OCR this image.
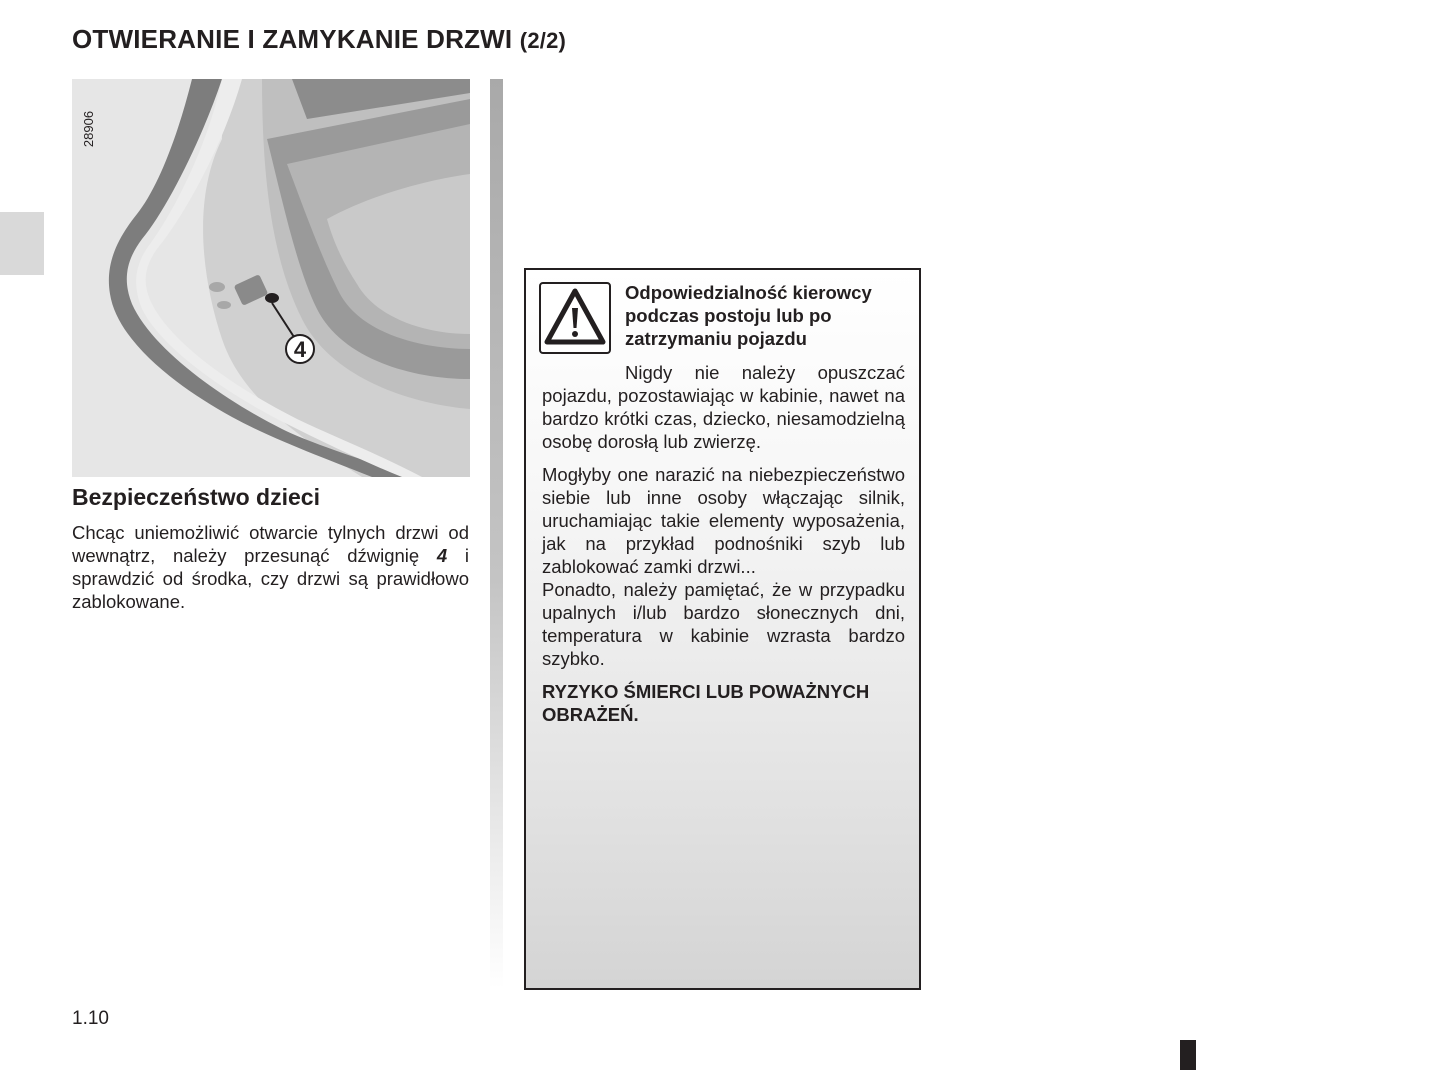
OTWIERANIE I ZAMYKANIE DRZWI (2/2)
4
28906
Bezpieczeństwo dzieci

Chcąc uniemożliwić otwarcie tylnych drzwi od wewnątrz, należy przesunąć dźwignię 4 i sprawdzić od środka, czy drzwi są prawidłowo zablokowane.

Odpowiedzialność kierowcy podczas postoju lub po zatrzymaniu pojazdu

Nigdy nie należy opuszczać pojazdu, pozostawiając w kabinie, nawet na bardzo krótki czas, dziecko, niesamodzielną osobę dorosłą lub zwierzę.

Mogłyby one narazić na niebezpieczeństwo siebie lub inne osoby włączając silnik, uruchamiając takie elementy wyposażenia, jak na przykład podnośniki szyb lub zablokować zamki drzwi...

Ponadto, należy pamiętać, że w przypadku upalnych i/lub bardzo słonecznych dni, temperatura w kabinie wzrasta bardzo szybko.

RYZYKO ŚMIERCI LUB POWAŻNYCH OBRAŻEŃ.

1.10
